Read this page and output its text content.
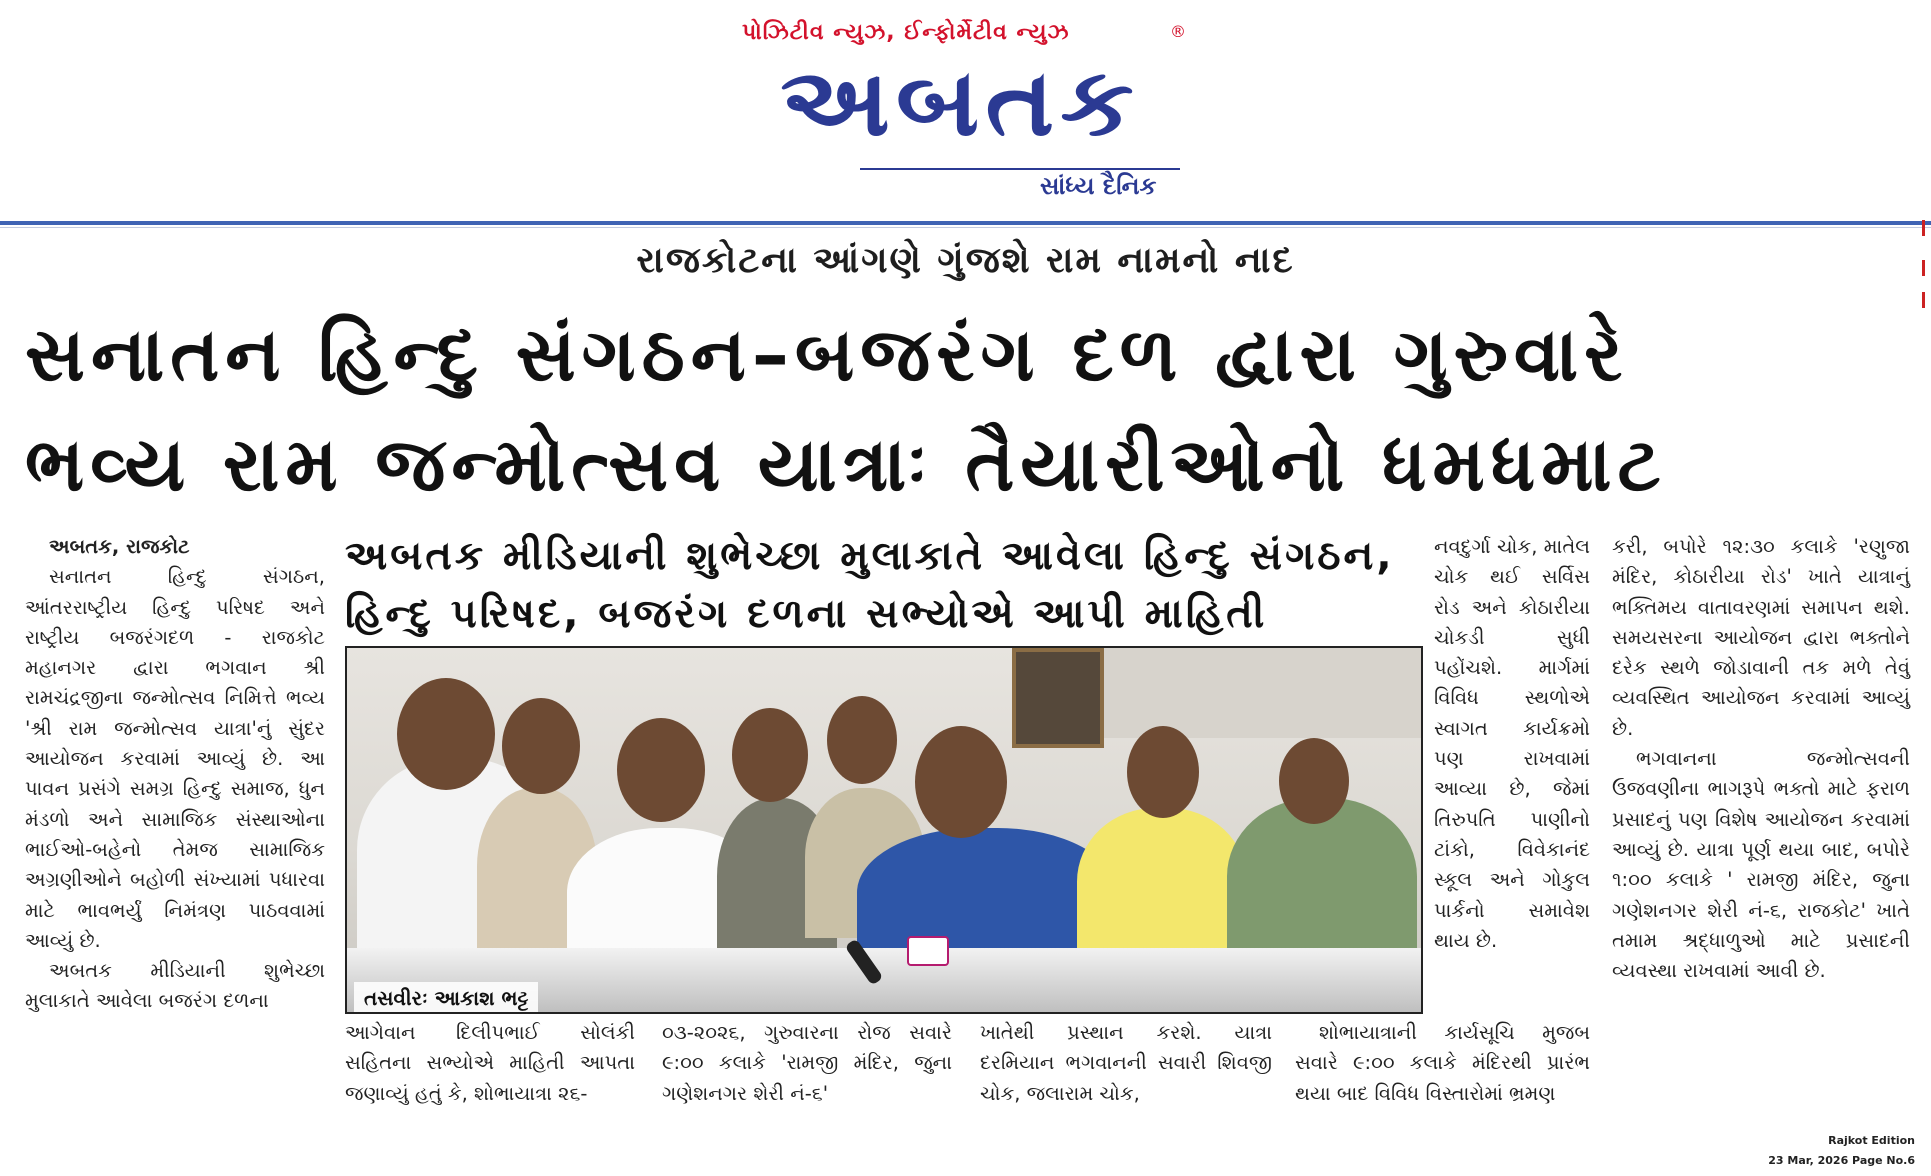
પોઝિટીવ ન્યુઝ, ઈન્ફોર્મેટીવ ન્યુઝ	®
અબતક
સાંધ્ય દૈનિક
રાજકોટના આંગણે ગુંજશે રામ નામનો નાદ
સનાતન હિન્દુ સંગઠન–બજરંગ દળ દ્વારા ગુરુવારે
ભવ્ય રામ જન્મોત્સવ યાત્રાઃ તૈયારીઓનો ધમધમાટ

અબતક, રાજકોટ

સનાતન હિન્દુ સંગઠન, આંતરરાષ્ટ્રીય હિન્દુ પરિષદ અને રાષ્ટ્રીય બજરંગદળ - રાજકોટ મહાનગર દ્વારા ભગવાન શ્રી રામચંદ્રજીના જન્મોત્સવ નિમિત્તે ભવ્ય 'શ્રી રામ જન્મોત્સવ યાત્રા'નું સુંદર આયોજન કરવામાં આવ્યું છે. આ પાવન પ્રસંગે સમગ્ર હિન્દુ સમાજ, ધુન મંડળો અને સામાજિક સંસ્થાઓના ભાઈઓ-બહેનો તેમજ સામાજિક અગ્રણીઓને બહોળી સંખ્યામાં પધારવા માટે ભાવભર્યું નિમંત્રણ પાઠવવામાં આવ્યું છે.

અબતક મીડિયાની શુભેચ્છા મુલાકાતે આવેલા બજરંગ દળના

અબતક મીડિયાની શુભેચ્છા મુલાકાતે આવેલા હિન્દુ સંગઠન,
હિન્દુ પરિષદ, બજરંગ દળના સભ્યોએ આપી માહિતી
તસવીરઃ આકાશ ભટ્ટ

આગેવાન દિલીપભાઈ સોલંકી સહિતના સભ્યોએ માહિતી આપતા જણાવ્યું હતું કે, શોભાયાત્રા ૨૬-

૦૩-૨૦૨૬, ગુરુવારના રોજ સવારે ૯:૦૦ કલાકે 'રામજી મંદિર, જુના ગણેશનગર શેરી નં-૬'

ખાતેથી પ્રસ્થાન કરશે. યાત્રા દરમિયાન ભગવાનની સવારી શિવજી ચોક, જલારામ ચોક,

શોભાયાત્રાની કાર્યસૂચિ મુજબ સવારે ૯:૦૦ કલાકે મંદિરથી પ્રારંભ થયા બાદ વિવિધ વિસ્તારોમાં ભ્રમણ

નવદુર્ગા ચોક, માતેલ ચોક થઈ સર્વિસ રોડ અને કોઠારીયા ચોકડી સુધી પહોંચશે. માર્ગમાં વિવિધ સ્થળોએ સ્વાગત કાર્યક્રમો પણ રાખવામાં આવ્યા છે, જેમાં તિરુપતિ પાણીનો ટાંકો, વિવેકાનંદ સ્કૂલ અને ગોકુલ પાર્કનો સમાવેશ થાય છે.

કરી, બપોરે ૧૨:૩૦ કલાકે 'રણુજા મંદિર, કોઠારીયા રોડ' ખાતે યાત્રાનું ભક્તિમય વાતાવરણમાં સમાપન થશે. સમયસરના આયોજન દ્વારા ભક્તોને દરેક સ્થળે જોડાવાની તક મળે તેવું વ્યવસ્થિત આયોજન કરવામાં આવ્યું છે.

ભગવાનના જન્મોત્સવની ઉજવણીના ભાગરૂપે ભક્તો માટે ફરાળ પ્રસાદનું પણ વિશેષ આયોજન કરવામાં આવ્યું છે. યાત્રા પૂર્ણ થયા બાદ, બપોરે ૧:૦૦ કલાકે ' રામજી મંદિર, જુના ગણેશનગર શેરી નં-૬, રાજકોટ' ખાતે તમામ શ્રદ્ધાળુઓ માટે પ્રસાદની વ્યવસ્થા રાખવામાં આવી છે.

Rajkot Edition
23 Mar, 2026 Page No.6
